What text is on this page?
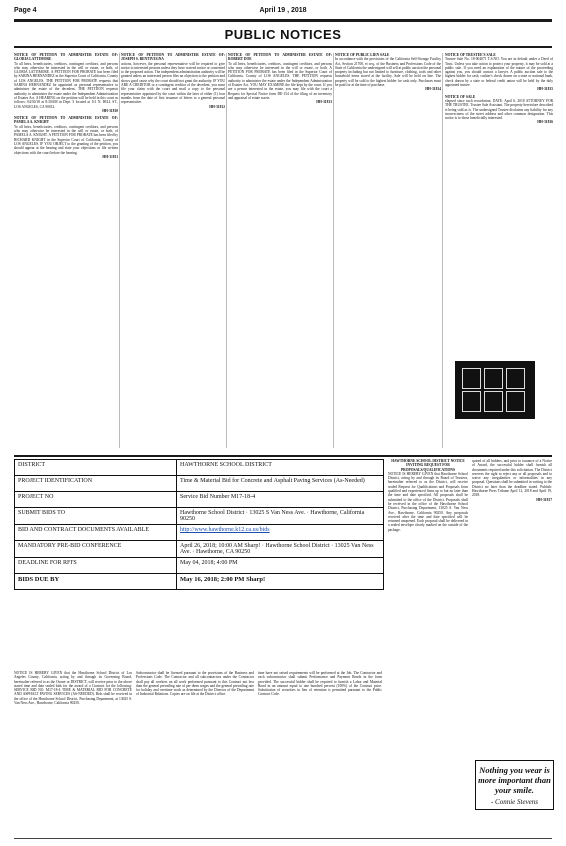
Page 4	April 19 , 2018
PUBLIC NOTICES
NOTICE OF PETITION TO ADMINISTER ESTATE OF: GLORIA LATTIMORE
To all heirs, beneficiaries, creditors, contingent creditors, and persons who may otherwise be interested in the will or estate, or both, of GLORIA LATTIMORE. A PETITION FOR PROBATE has been filed by SABINA HERNANDEZ in the Superior Court of California, County of LOS ANGELES. THE PETITION FOR PROBATE requests that SABINA HERNANDEZ be appointed as personal representative to administer the estate of the decedent. THE PETITION requests authority to administer the estate under the Independent Administration of Estates Act. A HEARING on the petition will be held in this court as follows: 04/30/18 at 8:30AM in Dept. 5 located at 111 N. HILL ST., LOS ANGELES, CA 90012.
HH-31810
NOTICE OF PETITION TO ADMINISTER ESTATE OF: PAMELA A. KNIGHT
To all heirs, beneficiaries, creditors, contingent creditors, and persons who may otherwise be interested in the will or estate, or both, of PAMELA A. KNIGHT. A PETITION FOR PROBATE has been filed by RICHARD KNIGHT in the Superior Court of California, County of LOS ANGELES. IF YOU OBJECT to the granting of the petition, you should appear at the hearing and state your objections or file written objections with the court before the hearing.
HH-31811
NOTICE OF PETITION TO ADMINISTER ESTATE OF: JOSEPH S. BENTIVEGNA
actions, however, the personal representative will be required to give notice to interested persons unless they have waived notice or consented to the proposed action. The independent administration authority will be granted unless an interested person files an objection to the petition and shows good cause why the court should not grant the authority. IF YOU ARE A CREDITOR or a contingent creditor of the decedent, you must file your claim with the court and mail a copy to the personal representative appointed by the court within the later of either (1) four months from the date of first issuance of letters to a general personal representative.
HH-31812
NOTICE OF PETITION TO ADMINISTER ESTATE OF: ROBERT DOE
To all heirs, beneficiaries, creditors, contingent creditors, and persons who may otherwise be interested in the will or estate, or both. A PETITION FOR PROBATE has been filed in the Superior Court of California, County of LOS ANGELES. THE PETITION requests authority to administer the estate under the Independent Administration of Estates Act. YOU MAY EXAMINE the file kept by the court. If you are a person interested in the estate, you may file with the court a Request for Special Notice form DE-154 of the filing of an inventory and appraisal of estate assets.
HH-31813
NOTICE OF PUBLIC LIEN SALE
In accordance with the provisions of the California Self-Storage Facility Act, Section 21700, et seq., of the Business and Professions Code of the State of California the undersigned will sell at public auction the personal property including but not limited to furniture, clothing, tools and other household items stored at the facility. Sale will be held on line. The property will be sold to the highest bidder for cash only. Purchases must be paid for at the time of purchase.
HH-31814
NOTICE OF TRUSTEE'S SALE
Trustee Sale No. 18-004071 T.S.NO. You are in default under a Deed of Trust. Unless you take action to protect your property, it may be sold at a public sale. If you need an explanation of the nature of the proceeding against you, you should contact a lawyer. A public auction sale to the highest bidder for cash, cashier's check drawn on a state or national bank, check drawn by a state or federal credit union will be held by the duly appointed trustee.
HH-31815
NOTICE OF SALE
elapsed since such recordation. DATE: April 6, 2018 ATTORNEY FOR THE TRUSTEE. Trustee Sale Assistant. The property heretofore described is being sold as is. The undersigned Trustee disclaims any liability for any incorrectness of the street address and other common designation. This notice is to those beneficially interested.
HH-31816
DISTRICT	HAWTHORNE SCHOOL DISTRICT
PROJECT IDENTIFICATION	Time & Material Bid for Concrete and Asphalt Paving Services (As-Needed)
PROJECT NO	Service Bid Number M17-18-4
SUBMIT BIDS TO	Hawthorne School District · 13025 S Van Ness Ave. · Hawthorne, California 90250
BID AND CONTRACT DOCUMENTS AVAILABLE	http://www.hawthorne.k12.ca.us/bids
MANDATORY PRE-BID CONFERENCE	April 26, 2018; 10:00 AM Sharp! · Hawthorne School District · 13025 Van Ness Ave. · Hawthorne, CA 90250
DEADLINE FOR RFI'S	May 04, 2018; 4:00 PM
BIDS DUE BY	May 16, 2018; 2:00 PM Sharp!
NOTICE IS HEREBY GIVEN that the Hawthorne School District of Los Angeles County, California, acting by and through its Governing Board, hereinafter referred to as the Owner or DISTRICT, will receive prior to the above stated time and date sealed bids for the award of a Contract for the following: SERVICE BID NO. M17-18-4 TIME & MATERIAL BID FOR CONCRETE AND ASPHALT PAVING SERVICES (AS-NEEDED). Bids shall be received in the office of the Hawthorne School District, Purchasing Department, at 13025 S. Van Ness Ave., Hawthorne, California 90250.
Subcontractor shall be licensed pursuant to the provisions of the Business and Professions Code. The Contractor and all subcontractors under the Contractor shall pay all workers on all work performed pursuant to this Contract not less than the general prevailing rate of per diem wages and the general prevailing rate for holiday and overtime work as determined by the Director of the Department of Industrial Relations. Copies are on file at the District office.
time have not raised requirements will be performed at the Job. The Contractor and each subcontractor shall submit Performance and Payment Bonds in the form provided. The successful bidder shall be required to furnish a Labor and Material Bond in an amount equal to one hundred percent (100%) of the Contract price. Substitution of securities in lieu of retention is permitted pursuant to the Public Contract Code.
HAWTHORNE SCHOOL DISTRICT NOTICE INVITING REQUEST FOR PROPOSALS/QUALIFICATIONS
NOTICE IS HEREBY GIVEN that Hawthorne School District, acting by and through its Board of Trustees, hereinafter referred to as the District, will receive sealed Request for Qualifications and Proposals from qualified and experienced firms up to but no later than the time and date specified. All proposals shall be submitted to the office of the District. Proposals shall be received in the office of the Hawthorne School District, Purchasing Department, 13025 S. Van Ness Ave., Hawthorne, California 90250. Any proposals received after the time and date specified will be returned unopened. Each proposal shall be delivered in a sealed envelope clearly marked on the outside of the package.
quired of all bidders, and prior to issuance of a Notice of Award, the successful bidder shall furnish all documents required under this solicitation. The District reserves the right to reject any or all proposals and to waive any irregularities or informalities in any proposal. Questions shall be submitted in writing to the District no later than the deadline stated. Publish: Hawthorne Press Tribune April 12, 2018 and April 19, 2018.
HH-31817
Nothing you wear is more important than your smile.
- Connie Stevens
